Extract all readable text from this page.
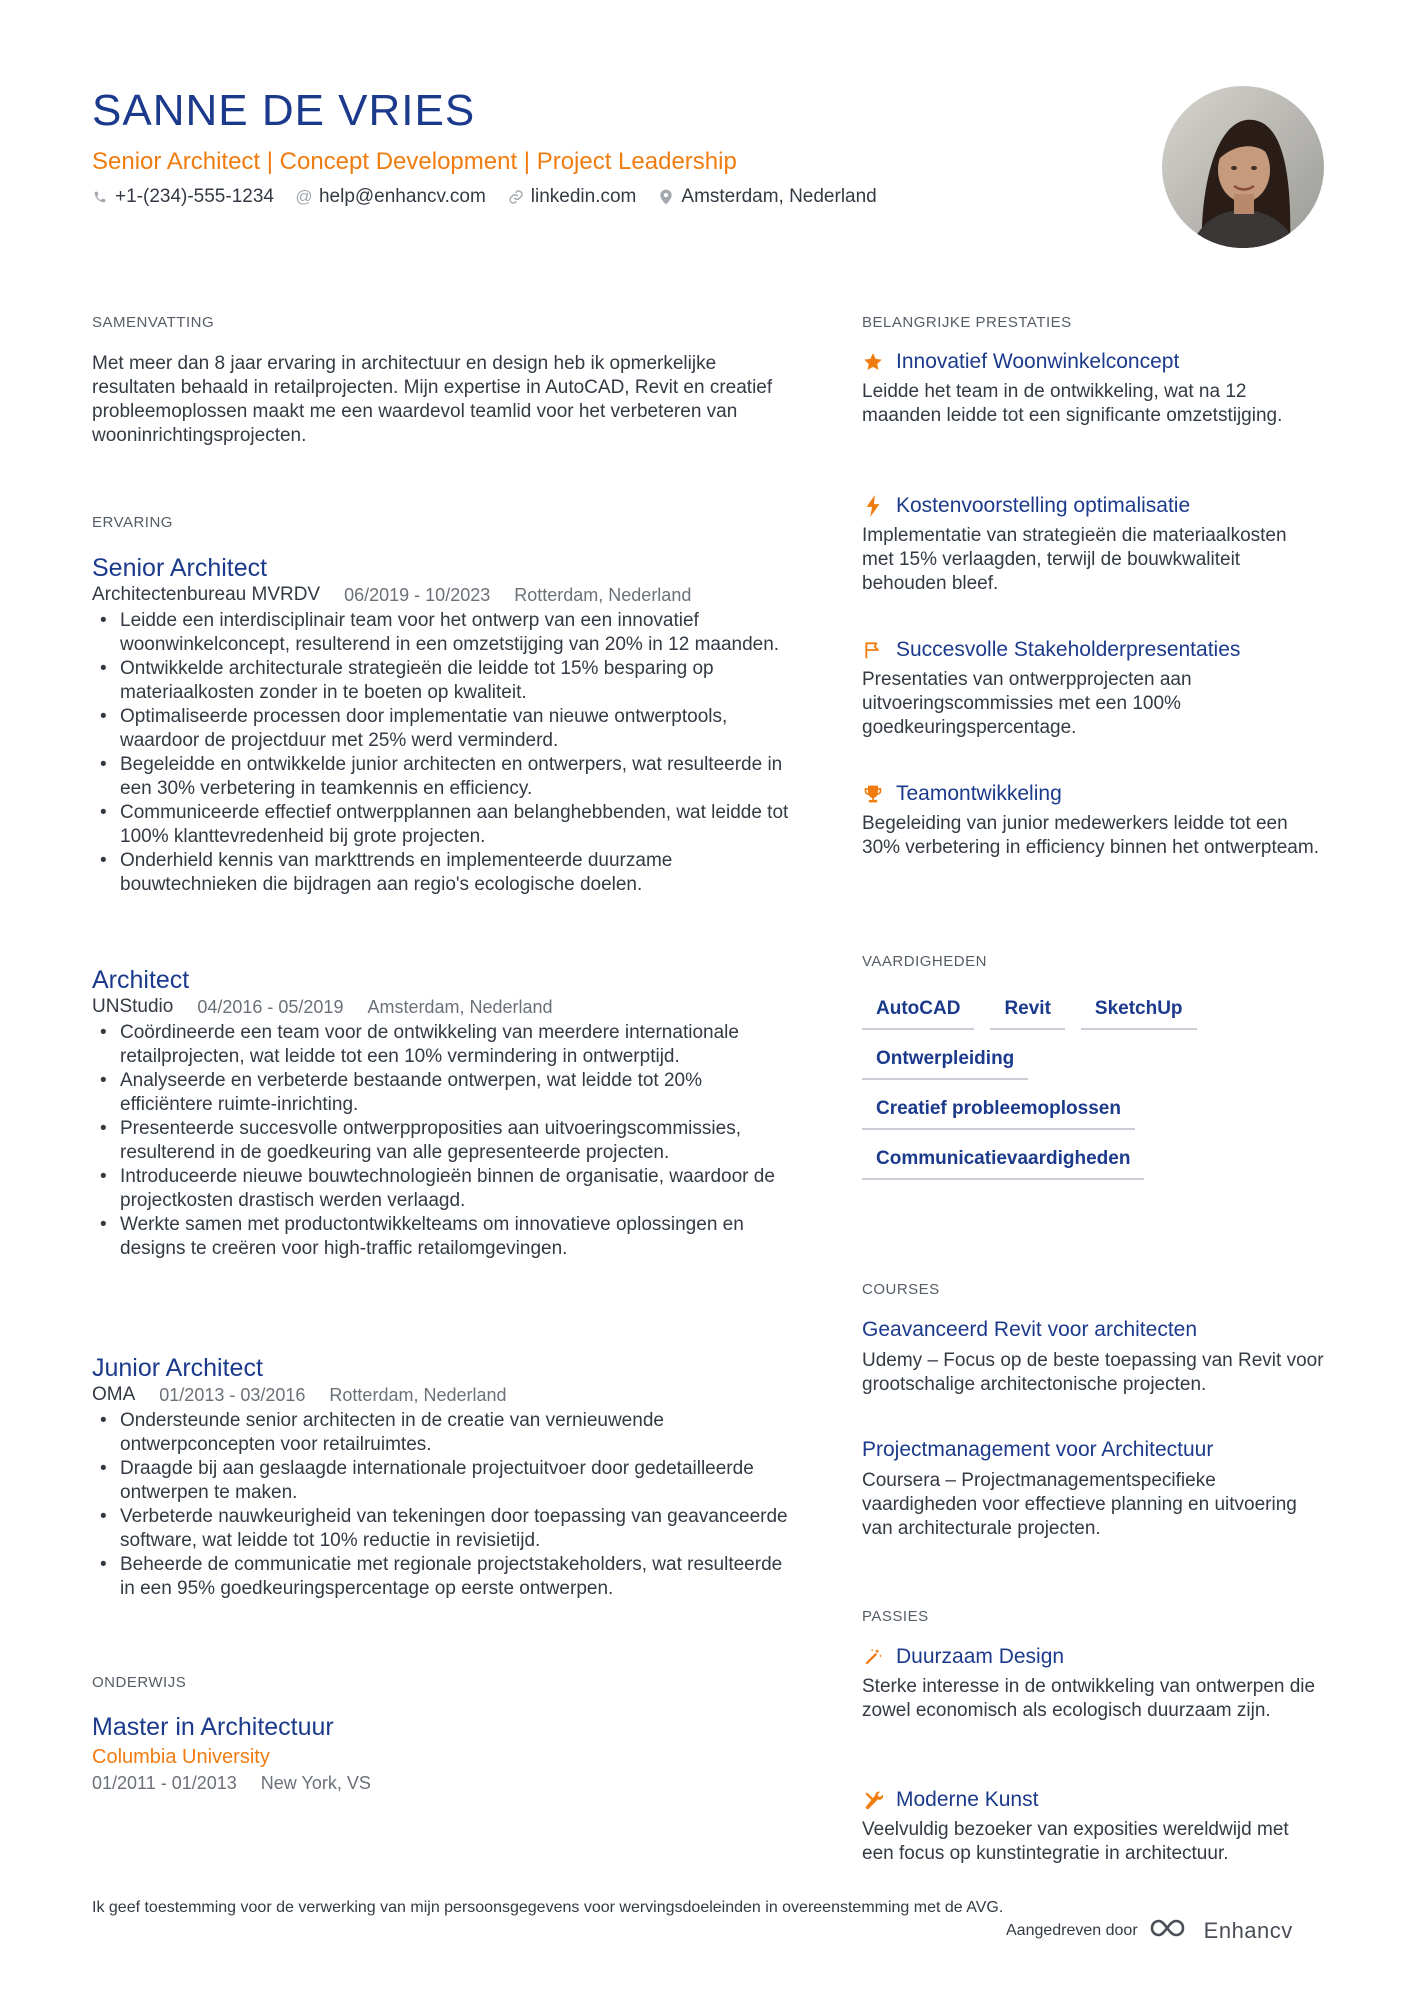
SANNE DE VRIES
Senior Architect | Concept Development | Project Leadership
+1-(234)-555-1234 @ help@enhancv.com linkedin.com Amsterdam, Nederland
SAMENVATTING

Met meer dan 8 jaar ervaring in architectuur en design heb ik opmerkelijke resultaten behaald in retailprojecten. Mijn expertise in AutoCAD, Revit en creatief probleemoplossen maakt me een waardevol teamlid voor het verbeteren van wooninrichtingsprojecten.

ERVARING
Senior Architect
Architectenbureau MVRDV 06/2019 - 10/2023 Rotterdam, Nederland
• Leidde een interdisciplinair team voor het ontwerp van een innovatief woonwinkelconcept, resulterend in een omzetstijging van 20% in 12 maanden.
• Ontwikkelde architecturale strategieën die leidde tot 15% besparing op materiaalkosten zonder in te boeten op kwaliteit.
• Optimaliseerde processen door implementatie van nieuwe ontwerptools, waardoor de projectduur met 25% werd verminderd.
• Begeleidde en ontwikkelde junior architecten en ontwerpers, wat resulteerde in een 30% verbetering in teamkennis en efficiency.
• Communiceerde effectief ontwerpplannen aan belanghebbenden, wat leidde tot 100% klanttevredenheid bij grote projecten.
• Onderhield kennis van markttrends en implementeerde duurzame bouwtechnieken die bijdragen aan regio's ecologische doelen.
Architect
UNStudio 04/2016 - 05/2019 Amsterdam, Nederland
• Coördineerde een team voor de ontwikkeling van meerdere internationale retailprojecten, wat leidde tot een 10% vermindering in ontwerptijd.
• Analyseerde en verbeterde bestaande ontwerpen, wat leidde tot 20% efficiëntere ruimte-inrichting.
• Presenteerde succesvolle ontwerpproposities aan uitvoeringscommissies, resulterend in de goedkeuring van alle gepresenteerde projecten.
• Introduceerde nieuwe bouwtechnologieën binnen de organisatie, waardoor de projectkosten drastisch werden verlaagd.
• Werkte samen met productontwikkelteams om innovatieve oplossingen en designs te creëren voor high-traffic retailomgevingen.
Junior Architect
OMA 01/2013 - 03/2016 Rotterdam, Nederland
• Ondersteunde senior architecten in de creatie van vernieuwende ontwerpconcepten voor retailruimtes.
• Draagde bij aan geslaagde internationale projectuitvoer door gedetailleerde ontwerpen te maken.
• Verbeterde nauwkeurigheid van tekeningen door toepassing van geavanceerde software, wat leidde tot 10% reductie in revisietijd.
• Beheerde de communicatie met regionale projectstakeholders, wat resulteerde in een 95% goedkeuringspercentage op eerste ontwerpen.
ONDERWIJS
Master in Architectuur
Columbia University
01/2011 - 01/2013 New York, VS
BELANGRIJKE PRESTATIES
Innovatief Woonwinkelconcept
Leidde het team in de ontwikkeling, wat na 12 maanden leidde tot een significante omzetstijging.
Kostenvoorstelling optimalisatie
Implementatie van strategieën die materiaalkosten met 15% verlaagden, terwijl de bouwkwaliteit behouden bleef.
Succesvolle Stakeholderpresentaties
Presentaties van ontwerpprojecten aan uitvoeringscommissies met een 100% goedkeuringspercentage.
Teamontwikkeling
Begeleiding van junior medewerkers leidde tot een 30% verbetering in efficiency binnen het ontwerpteam.
VAARDIGHEDEN
AutoCAD	Revit	SketchUp
Ontwerpleiding
Creatief probleemoplossen
Communicatievaardigheden
COURSES
Geavanceerd Revit voor architecten
Udemy – Focus op de beste toepassing van Revit voor grootschalige architectonische projecten.
Projectmanagement voor Architectuur
Coursera – Projectmanagementspecifieke vaardigheden voor effectieve planning en uitvoering van architecturale projecten.
PASSIES
Duurzaam Design
Sterke interesse in de ontwikkeling van ontwerpen die zowel economisch als ecologisch duurzaam zijn.
Moderne Kunst
Veelvuldig bezoeker van exposities wereldwijd met een focus op kunstintegratie in architectuur.
Ik geef toestemming voor de verwerking van mijn persoonsgegevens voor wervingsdoeleinden in overeenstemming met de AVG.
Aangedreven door	Enhancv
